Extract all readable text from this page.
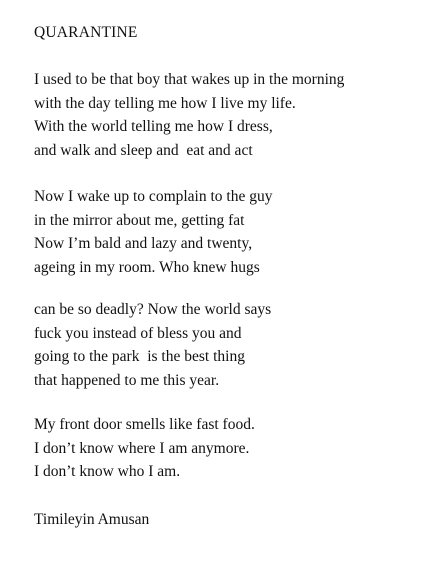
QUARANTINE
I used to be that boy that wakes up in the morning
with the day telling me how I live my life.
With the world telling me how I dress,
and walk and sleep and  eat and act
Now I wake up to complain to the guy
in the mirror about me, getting fat
Now I’m bald and lazy and twenty,
ageing in my room. Who knew hugs
can be so deadly? Now the world says
fuck you instead of bless you and
going to the park  is the best thing
that happened to me this year.
My front door smells like fast food.
I don’t know where I am anymore.
I don’t know who I am.
Timileyin Amusan
